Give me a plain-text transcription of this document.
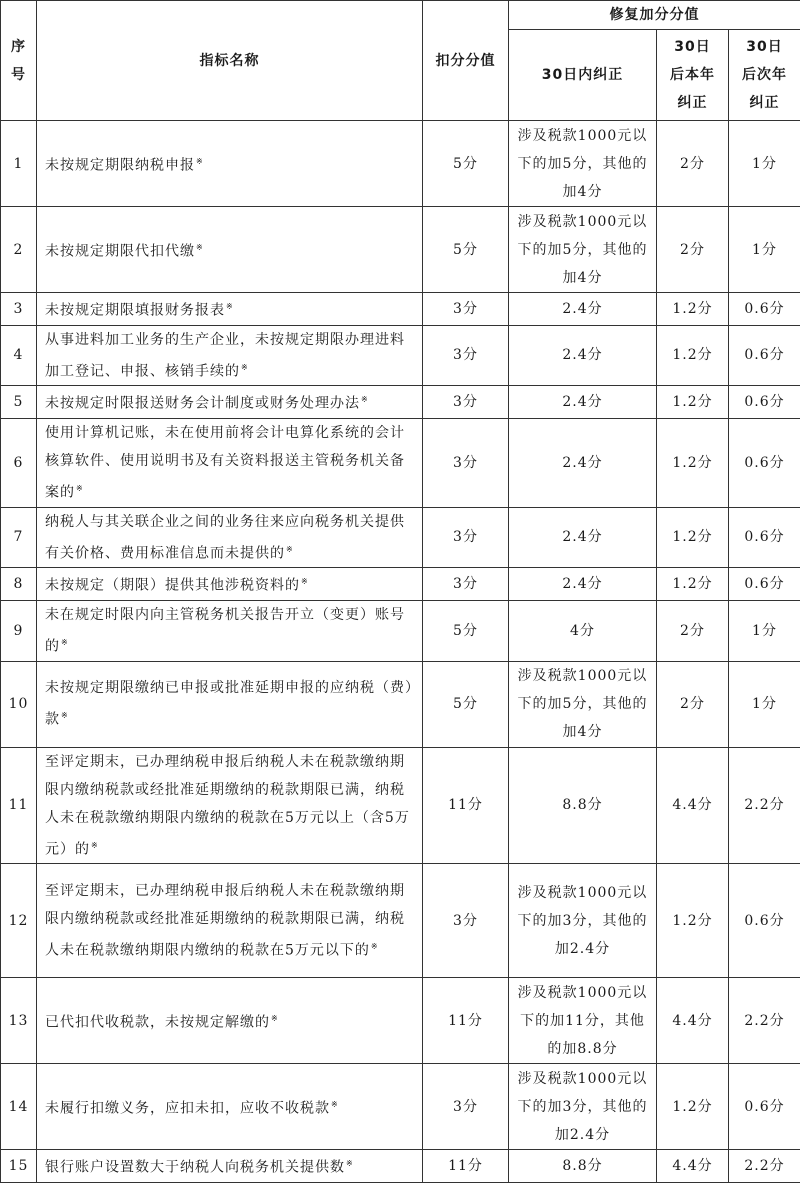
序号	指标名称	扣分分值	修复加分分值		
			30日内纠正	30日后本年纠正	30日后次年纠正
1	未按规定期限纳税申报※	5分	涉及税款1000元以下的加5分，其他的加4分	2分	1分
2	未按规定期限代扣代缴※	5分	涉及税款1000元以下的加5分，其他的加4分	2分	1分
3	未按规定期限填报财务报表※	3分	2.4分	1.2分	0.6分
4	从事进料加工业务的生产企业，未按规定期限办理进料加工登记、申报、核销手续的※	3分	2.4分	1.2分	0.6分
5	未按规定时限报送财务会计制度或财务处理办法※	3分	2.4分	1.2分	0.6分
6	使用计算机记账，未在使用前将会计电算化系统的会计核算软件、使用说明书及有关资料报送主管税务机关备案的※	3分	2.4分	1.2分	0.6分
7	纳税人与其关联企业之间的业务往来应向税务机关提供有关价格、费用标准信息而未提供的※	3分	2.4分	1.2分	0.6分
8	未按规定（期限）提供其他涉税资料的※	3分	2.4分	1.2分	0.6分
9	未在规定时限内向主管税务机关报告开立（变更）账号的※	5分	4分	2分	1分
10	未按规定期限缴纳已申报或批准延期申报的应纳税（费）款※	5分	涉及税款1000元以下的加5分，其他的加4分	2分	1分
11	至评定期末，已办理纳税申报后纳税人未在税款缴纳期限内缴纳税款或经批准延期缴纳的税款期限已满，纳税人未在税款缴纳期限内缴纳的税款在5万元以上（含5万元）的※	11分	8.8分	4.4分	2.2分
12	至评定期末，已办理纳税申报后纳税人未在税款缴纳期限内缴纳税款或经批准延期缴纳的税款期限已满，纳税人未在税款缴纳期限内缴纳的税款在5万元以下的※	3分	涉及税款1000元以下的加3分，其他的加2.4分	1.2分	0.6分
13	已代扣代收税款，未按规定解缴的※	11分	涉及税款1000元以下的加11分，其他的加8.8分	4.4分	2.2分
14	未履行扣缴义务，应扣未扣，应收不收税款※	3分	涉及税款1000元以下的加3分，其他的加2.4分	1.2分	0.6分
15	银行账户设置数大于纳税人向税务机关提供数※	11分	8.8分	4.4分	2.2分
